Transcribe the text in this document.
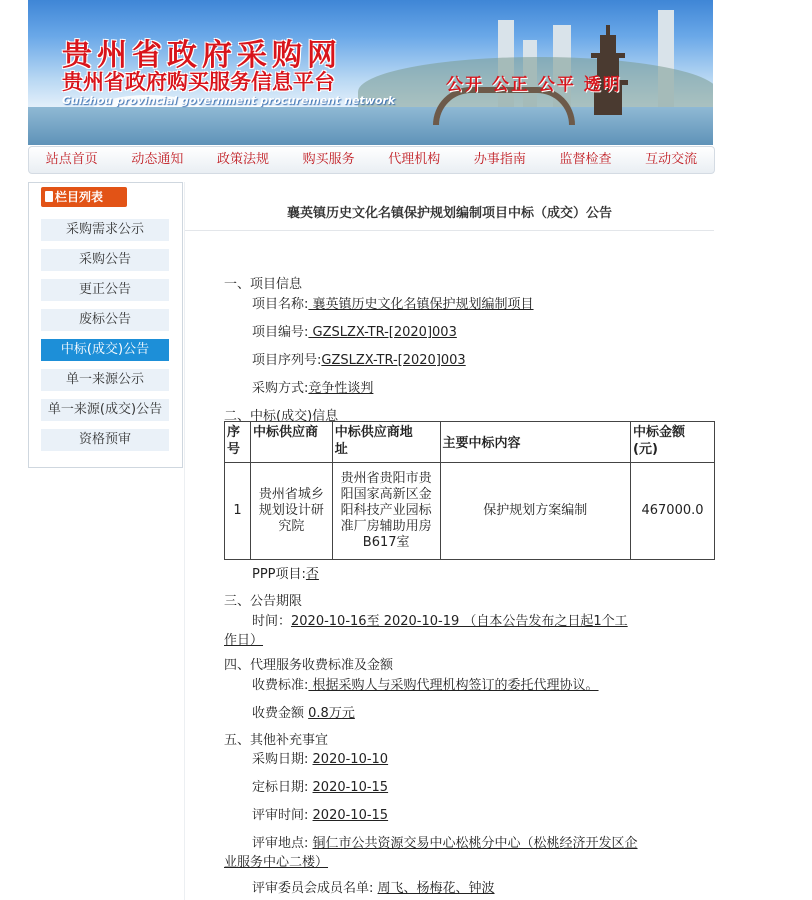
贵州省政府采购网
贵州省政府购买服务信息平台
Guizhou provincial government procurement network
公开 公正 公平 透明
站点首页	动态通知	政策法规	购买服务	代理机构	办事指南	监督检查	互动交流
栏目列表
采购需求公示
采购公告
更正公告
废标公告
中标(成交)公告
单一来源公示
单一来源(成交)公告
资格预审
襄英镇历史文化名镇保护规划编制项目中标（成交）公告
一、项目信息
项目名称: 襄英镇历史文化名镇保护规划编制项目
项目编号: GZSLZX-TR-[2020]003
项目序列号:GZSLZX-TR-[2020]003
采购方式:竞争性谈判
二、中标(成交)信息
序
号	中标供应商	中标供应商地
址	主要中标内容	中标金额
(元)
1	贵州省城乡
规划设计研
究院	贵州省贵阳市贵
阳国家高新区金
阳科技产业园标
准厂房辅助用房
B617室	保护规划方案编制	467000.0
PPP项目:否
三、公告期限
时间：2020-10-16至 2020-10-19 （自本公告发布之日起1个工
作日）
四、代理服务收费标准及金额
收费标准: 根据采购人与采购代理机构签订的委托代理协议。
收费金额 0.8万元
五、其他补充事宜
采购日期: 2020-10-10
定标日期: 2020-10-15
评审时间: 2020-10-15
评审地点: 铜仁市公共资源交易中心松桃分中心（松桃经济开发区企
业服务中心二楼）
评审委员会成员名单: 周飞、杨梅花、钟波
